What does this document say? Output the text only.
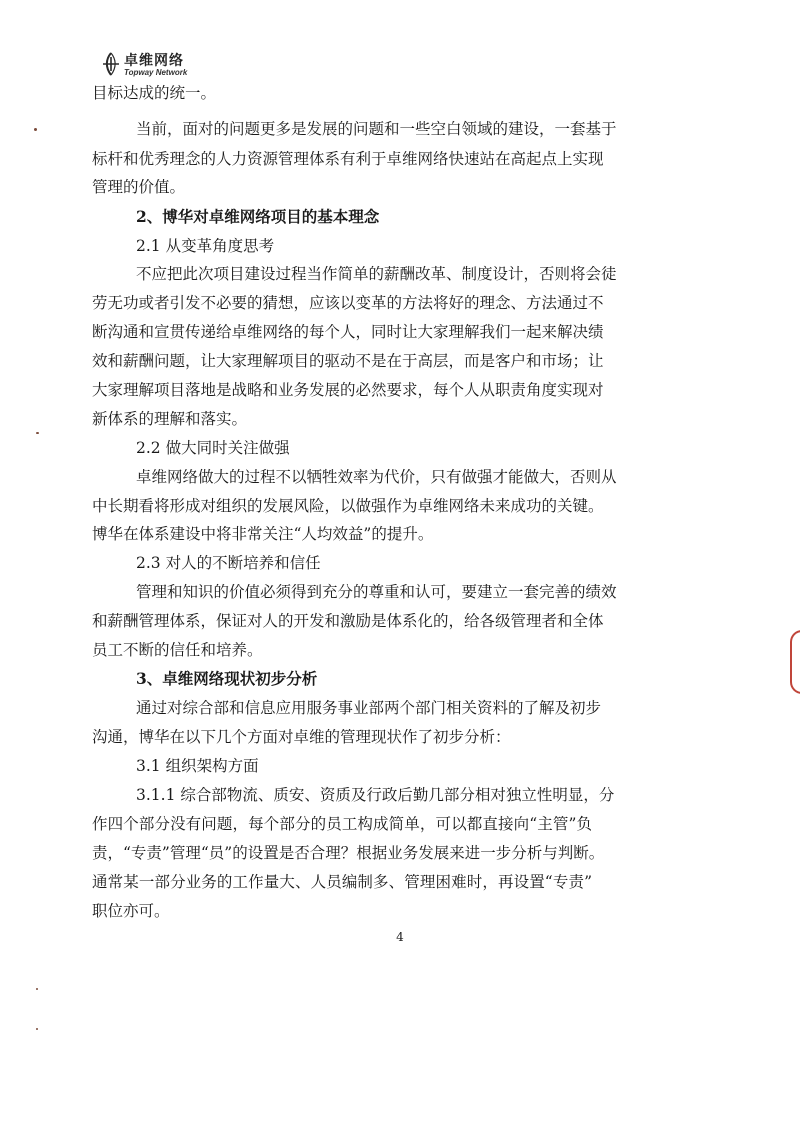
卓维网络
Topway Network
目标达成的统一。
当前，面对的问题更多是发展的问题和一些空白领域的建设，一套基于
标杆和优秀理念的人力资源管理体系有利于卓维网络快速站在高起点上实现
管理的价值。
2、博华对卓维网络项目的基本理念
2.1 从变革角度思考
不应把此次项目建设过程当作简单的薪酬改革、制度设计，否则将会徒
劳无功或者引发不必要的猜想，应该以变革的方法将好的理念、方法通过不
断沟通和宣贯传递给卓维网络的每个人，同时让大家理解我们一起来解决绩
效和薪酬问题，让大家理解项目的驱动不是在于高层，而是客户和市场；让
大家理解项目落地是战略和业务发展的必然要求，每个人从职责角度实现对
新体系的理解和落实。
2.2 做大同时关注做强
卓维网络做大的过程不以牺牲效率为代价，只有做强才能做大，否则从
中长期看将形成对组织的发展风险，以做强作为卓维网络未来成功的关键。
博华在体系建设中将非常关注“人均效益”的提升。
2.3 对人的不断培养和信任
管理和知识的价值必须得到充分的尊重和认可，要建立一套完善的绩效
和薪酬管理体系，保证对人的开发和激励是体系化的，给各级管理者和全体
员工不断的信任和培养。
3、卓维网络现状初步分析
通过对综合部和信息应用服务事业部两个部门相关资料的了解及初步
沟通，博华在以下几个方面对卓维的管理现状作了初步分析：
3.1 组织架构方面
3.1.1 综合部物流、质安、资质及行政后勤几部分相对独立性明显，分
作四个部分没有问题，每个部分的员工构成简单，可以都直接向“主管”负
责，“专责”管理“员”的设置是否合理？根据业务发展来进一步分析与判断。
通常某一部分业务的工作量大、人员编制多、管理困难时，再设置“专责”
职位亦可。
4
